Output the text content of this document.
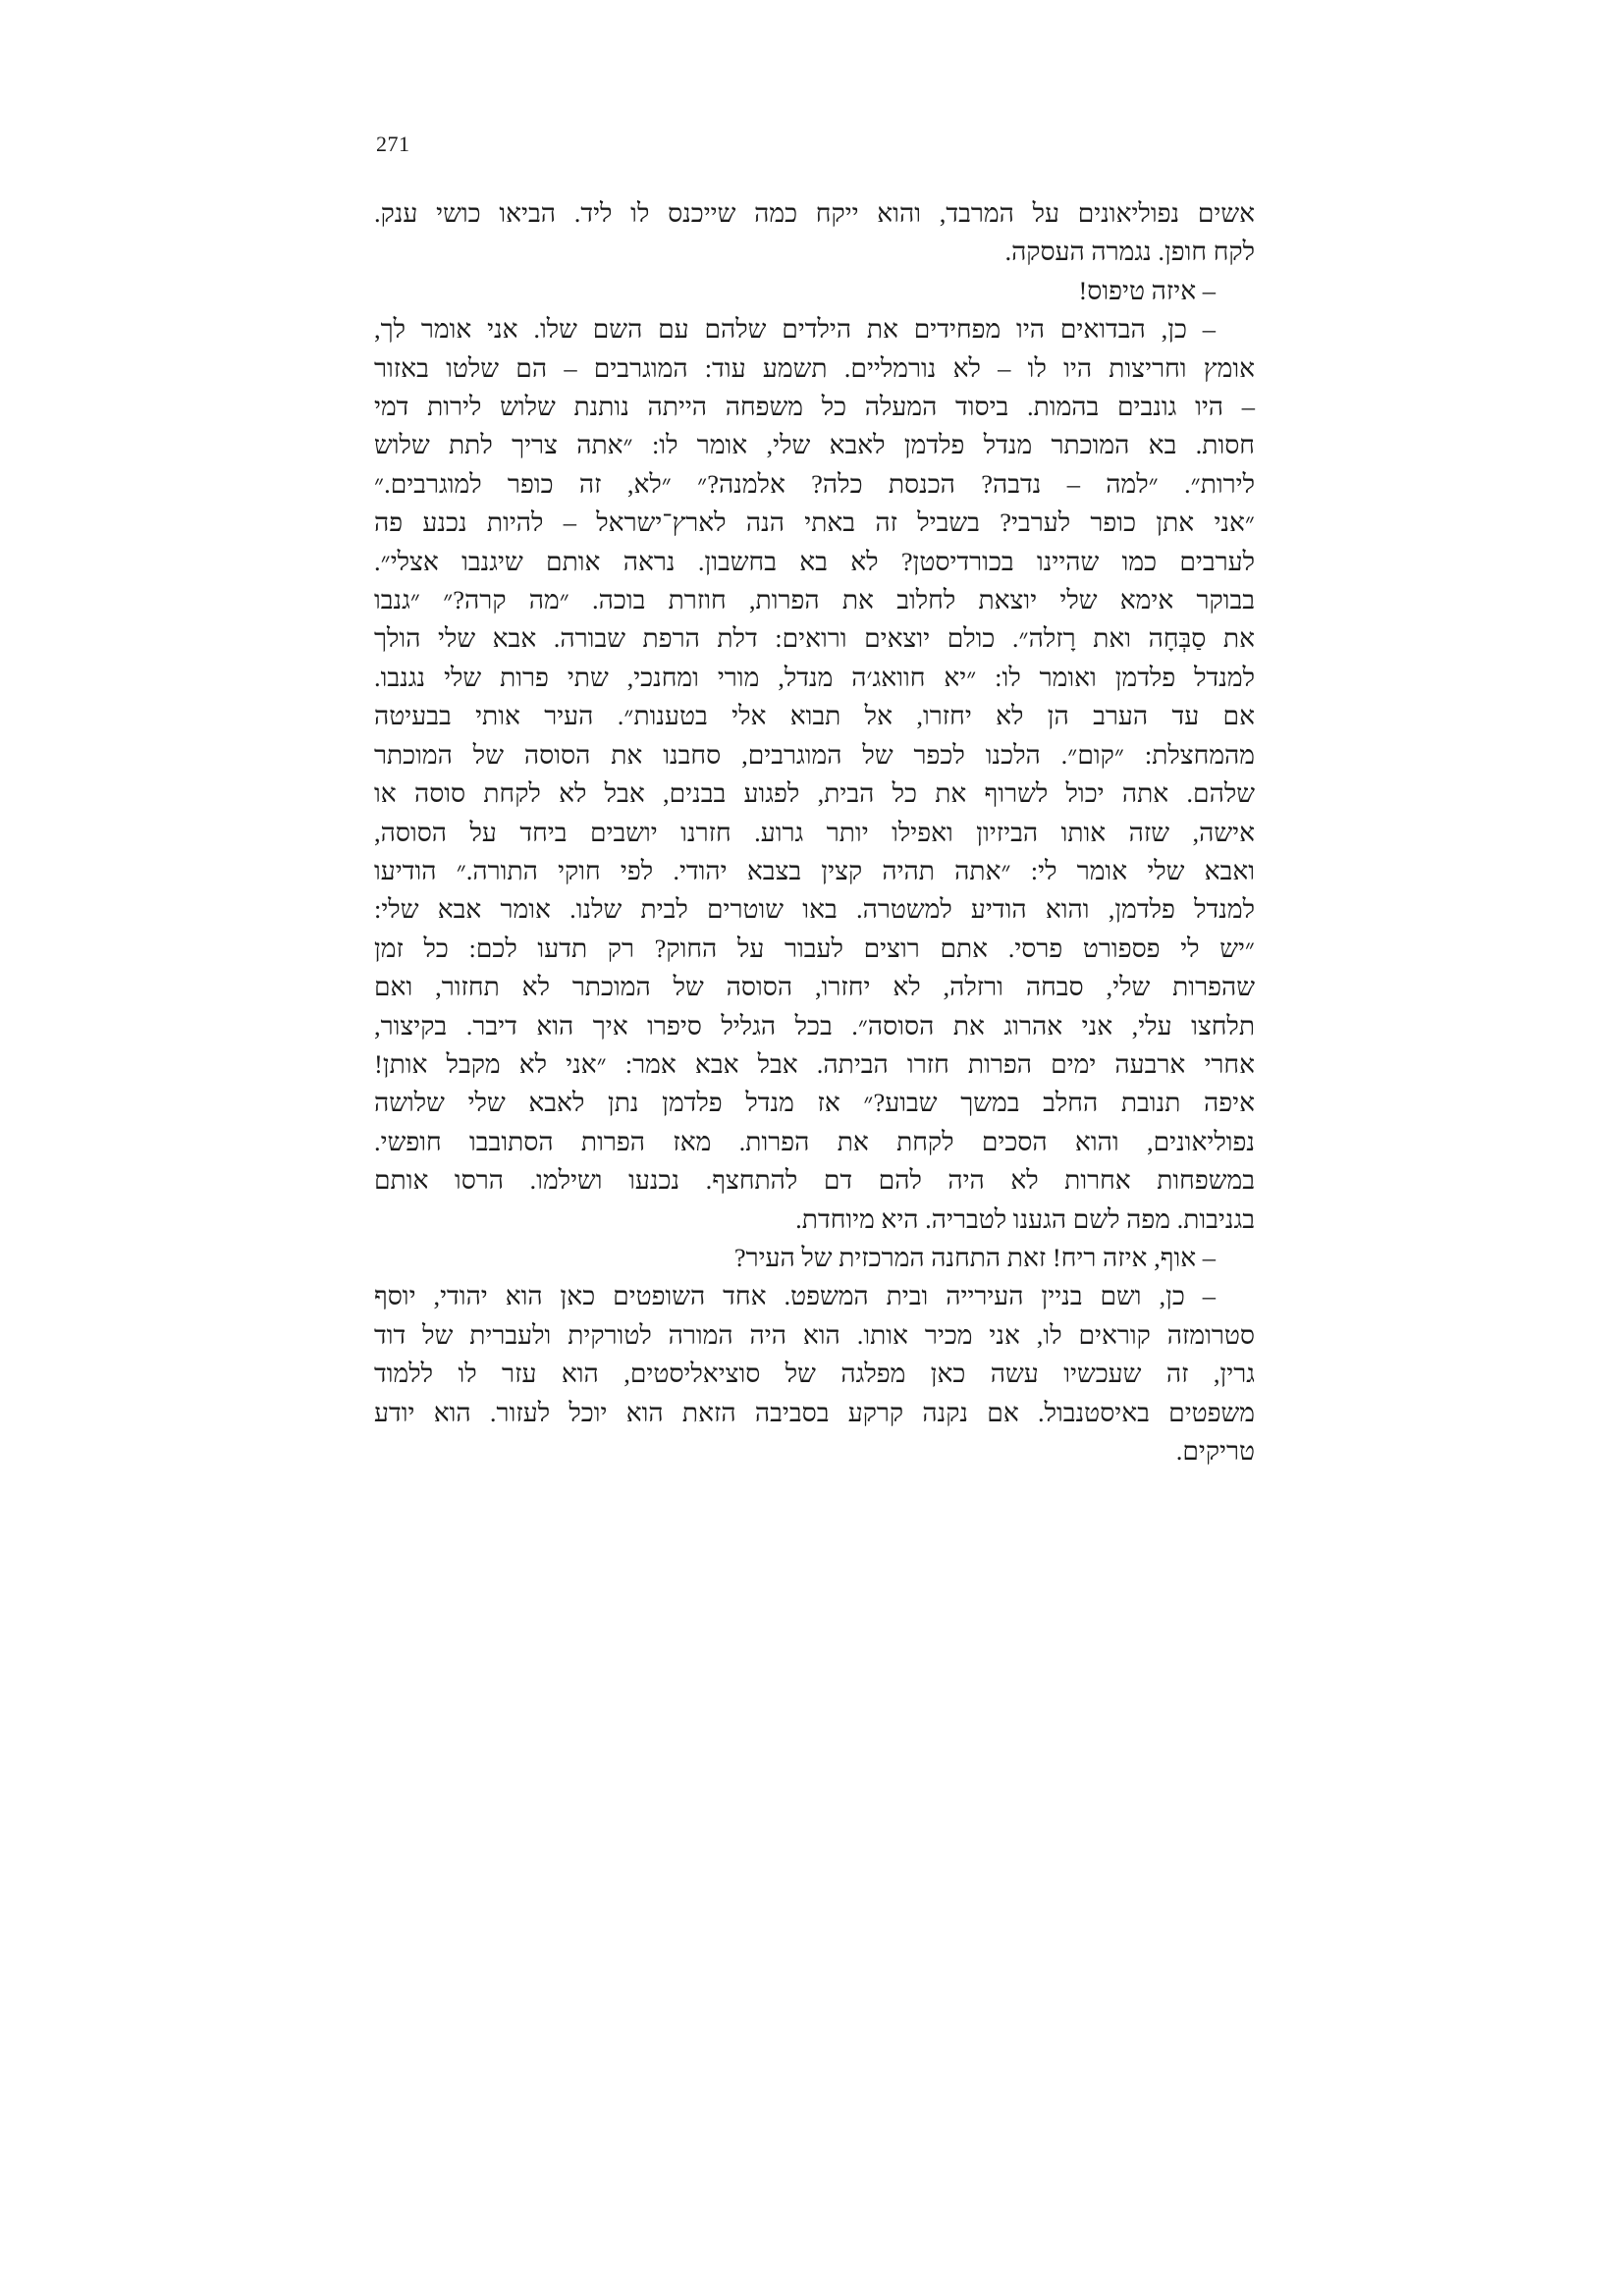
271
אשים נפוליאונים על המרבד, והוא ייקח כמה שייכנס לו ליד. הביאו כושי ענק.
לקח חופן. נגמרה העסקה.
– איזה טיפוס!
– כן, הבדואים היו מפחידים את הילדים שלהם עם השם שלו. אני אומר לך,
אומץ וחריצות היו לו – לא נורמליים. תשמע עוד: המוגרבים – הם שלטו באזור
– היו גונבים בהמות. ביסוד המעלה כל משפחה הייתה נותנת שלוש לירות דמי
חסות. בא המוכתר מנדל פלדמן לאבא שלי, אומר לו: ״אתה צריך לתת שלוש
לירות״. ״למה – נדבה? הכנסת כלה? אלמנה?״ ״לא, זה כופר למוגרבים.״
״אני אתן כופר לערבי? בשביל זה באתי הנה לארץ־ישראל – להיות נכנע פה
לערבים כמו שהיינו בכורדיסטן? לא בא בחשבון. נראה אותם שיגנבו אצלי״.
בבוקר אימא שלי יוצאת לחלוב את הפרות, חוזרת בוכה. ״מה קרה?״ ״גנבו
את סַבְּחָה ואת רָזלה״. כולם יוצאים ורואים: דלת הרפת שבורה. אבא שלי הולך
למנדל פלדמן ואומר לו: ״יא חוואג׳ה מנדל, מורי ומחנכי, שתי פרות שלי נגנבו.
אם עד הערב הן לא יחזרו, אל תבוא אלי בטענות״. העיר אותי בבעיטה
מהמחצלת: ״קום״. הלכנו לכפר של המוגרבים, סחבנו את הסוסה של המוכתר
שלהם. אתה יכול לשרוף את כל הבית, לפגוע בבנים, אבל לא לקחת סוסה או
אישה, שזה אותו הביזיון ואפילו יותר גרוע. חזרנו יושבים ביחד על הסוסה,
ואבא שלי אומר לי: ״אתה תהיה קצין בצבא יהודי. לפי חוקי התורה.״ הודיעו
למנדל פלדמן, והוא הודיע למשטרה. באו שוטרים לבית שלנו. אומר אבא שלי:
״יש לי פספורט פרסי. אתם רוצים לעבור על החוק? רק תדעו לכם: כל זמן
שהפרות שלי, סבחה ורזלה, לא יחזרו, הסוסה של המוכתר לא תחזור, ואם
תלחצו עלי, אני אהרוג את הסוסה״. בכל הגליל סיפרו איך הוא דיבר. בקיצור,
אחרי ארבעה ימים הפרות חזרו הביתה. אבל אבא אמר: ״אני לא מקבל אותן!
איפה תנובת החלב במשך שבוע?״ אז מנדל פלדמן נתן לאבא שלי שלושה
נפוליאונים, והוא הסכים לקחת את הפרות. מאז הפרות הסתובבו חופשי.
במשפחות אחרות לא היה להם דם להתחצף. נכנעו ושילמו. הרסו אותם
בגניבות. מפה לשם הגענו לטבריה. היא מיוחדת.
– אוף, איזה ריח! זאת התחנה המרכזית של העיר?
– כן, ושם בניין העירייה ובית המשפט. אחד השופטים כאן הוא יהודי, יוסף
סטרומזה קוראים לו, אני מכיר אותו. הוא היה המורה לטורקית ולעברית של דוד
גרין, זה שעכשיו עשה כאן מפלגה של סוציאליסטים, הוא עזר לו ללמוד
משפטים באיסטנבול. אם נקנה קרקע בסביבה הזאת הוא יוכל לעזור. הוא יודע
טריקים.
